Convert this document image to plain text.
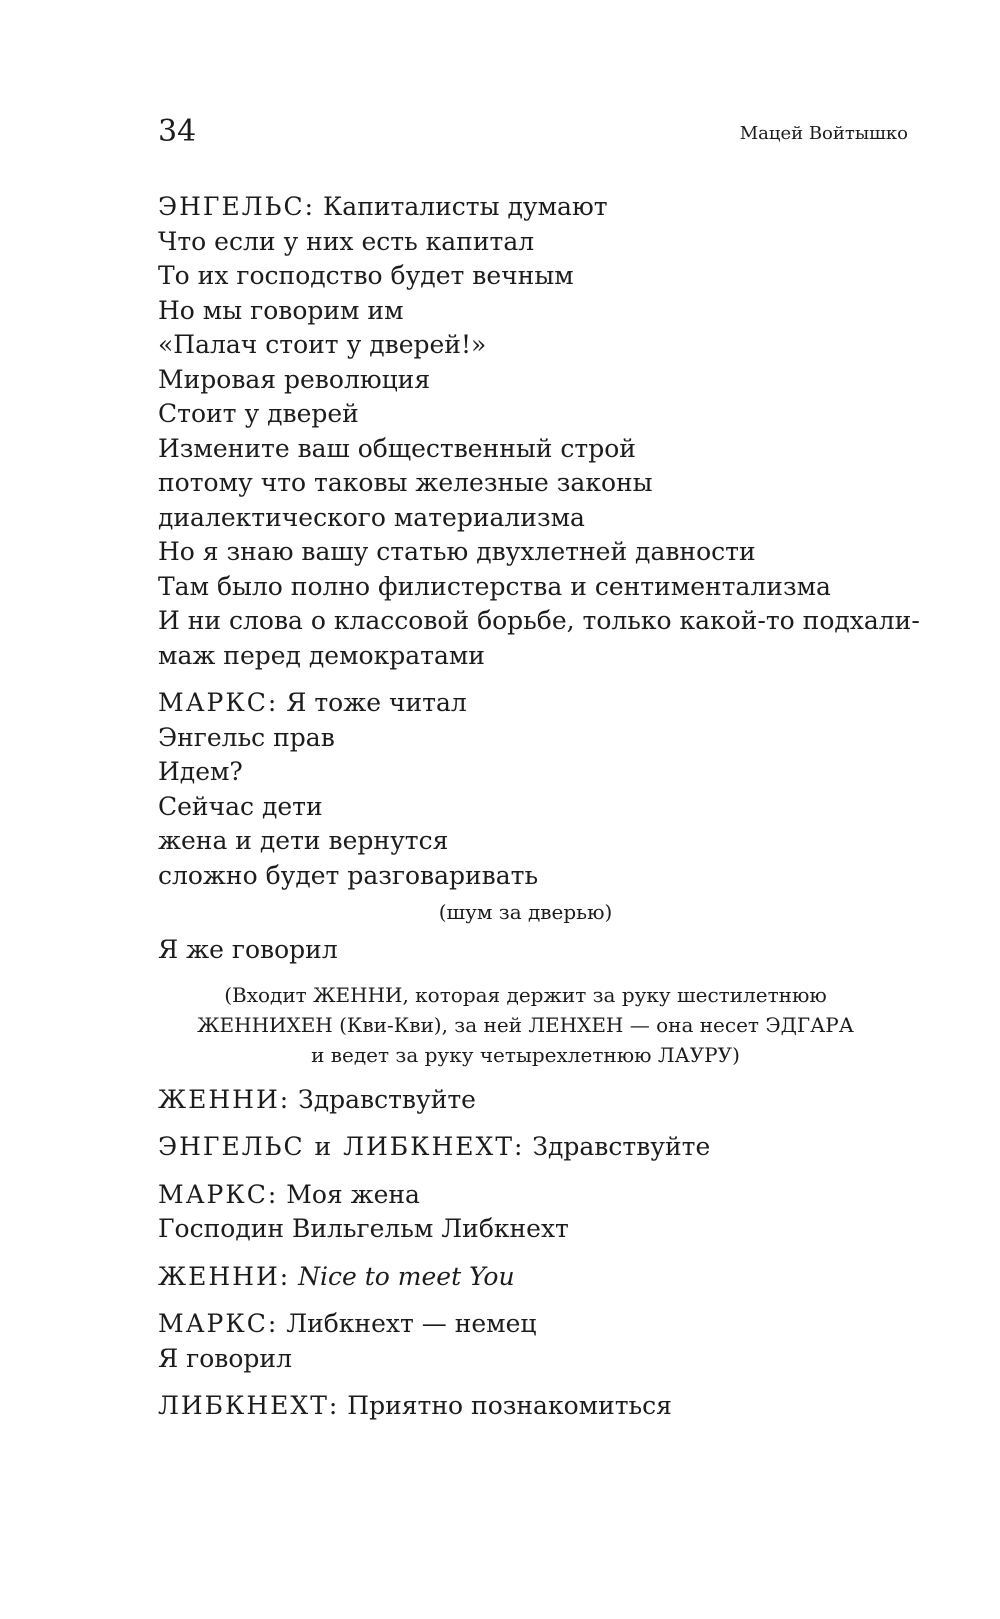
34	Мацей Войтышко

ЭНГЕЛЬС: Капиталисты думают
Что если у них есть капитал
То их господство будет вечным
Но мы говорим им
«Палач стоит у дверей!»
Мировая революция
Стоит у дверей
Измените ваш общественный строй
потому что таковы железные законы
диалектического материализма
Но я знаю вашу статью двухлетней давности
Там было полно филистерства и сентиментализма
И ни слова о классовой борьбе, только какой-то подхали-
маж перед демократами
МАРКС: Я тоже читал
Энгельс прав
Идем?
Сейчас дети
жена и дети вернутся
сложно будет разговаривать
(шум за дверью)
Я же говорил
(Входит ЖЕННИ, которая держит за руку шестилетнюю
ЖЕННИХЕН (Кви-Кви), за ней ЛЕНХЕН — она несет ЭДГАРА
и ведет за руку четырехлетнюю ЛАУРУ)
ЖЕННИ: Здравствуйте
ЭНГЕЛЬС и ЛИБКНЕХТ: Здравствуйте
МАРКС: Моя жена
Господин Вильгельм Либкнехт
ЖЕННИ: Nice to meet You
МАРКС: Либкнехт — немец
Я говорил
ЛИБКНЕХТ: Приятно познакомиться
